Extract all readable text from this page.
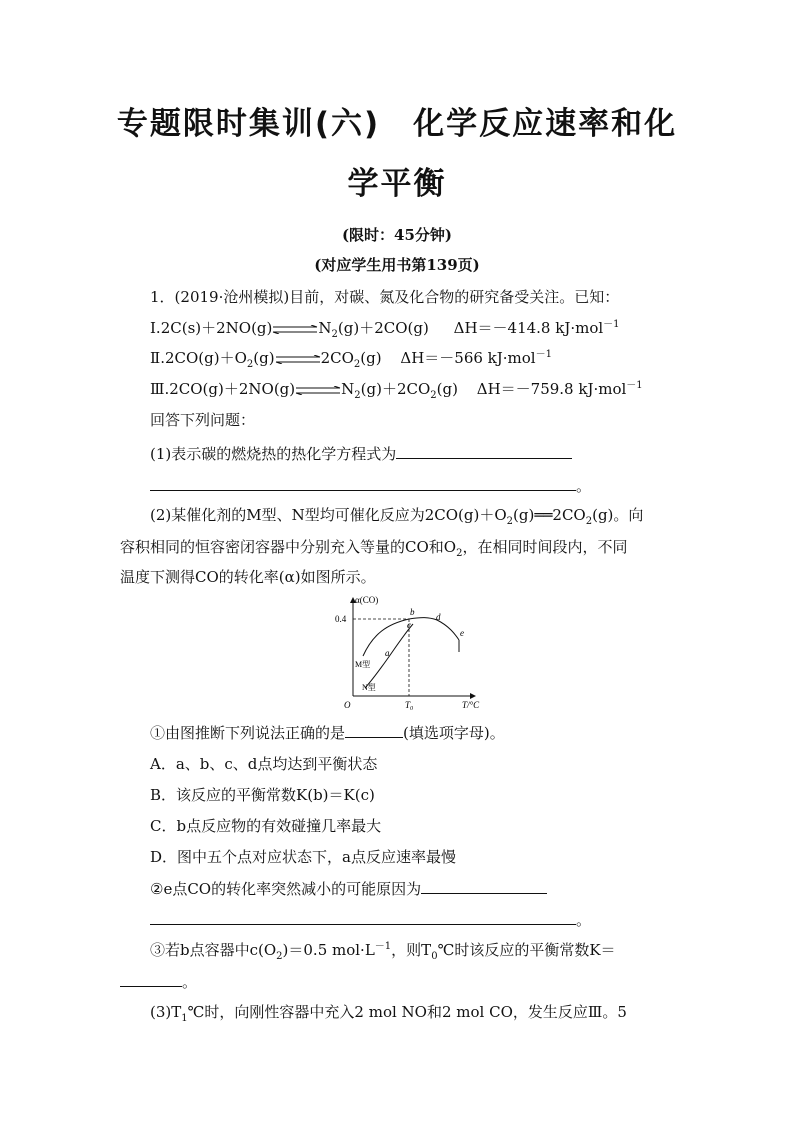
专题限时集训(六)　化学反应速率和化
学平衡
(限时：45分钟)
(对应学生用书第139页)
1．(2019·沧州模拟)目前，对碳、氮及化合物的研究备受关注。已知：
$Ⅰ.2C(s)+2NO(g)\rightleftharpoons N_2(g)+2CO(g)$ ΔH＝－414.8 kJ·mol$^{-1}$
$Ⅱ.2CO(g)+O_2(g)\rightleftharpoons 2CO_2(g)$ ΔH＝－566 kJ·mol$^{-1}$
$Ⅲ.2CO(g)+2NO(g)\rightleftharpoons N_2(g)+2CO_2(g)$ ΔH＝－759.8 kJ·mol$^{-1}$
回答下列问题：
(1)表示碳的燃烧热的热化学方程式为
。
(2)某催化剂的M型、N型均可催化反应为$2CO(g)+O_2(g)══2CO_2(g)$。向
容积相同的恒容密闭容器中分别充入等量的CO和$O_2$，在相同时间段内，不同
温度下测得CO的转化率(α)如图所示。
α(CO)
T/°C
O
0.4
$T_0$
M型
N型
a
b
c
d
e
①由图推断下列说法正确的是	(填选项字母)。
A．a、b、c、d点均达到平衡状态
B．该反应的平衡常数K(b)＝K(c)
C．b点反应物的有效碰撞几率最大
D．图中五个点对应状态下，a点反应速率最慢
②e点CO的转化率突然减小的可能原因为
。
③若b点容器中$c(O_2)=0.5$ $mol\cdot L^{-1}$，则$T_0℃$时该反应的平衡常数K＝
。
$(3)T_1℃$时，向刚性容器中充入2 mol NO和2 mol CO，发生反应Ⅲ。5
